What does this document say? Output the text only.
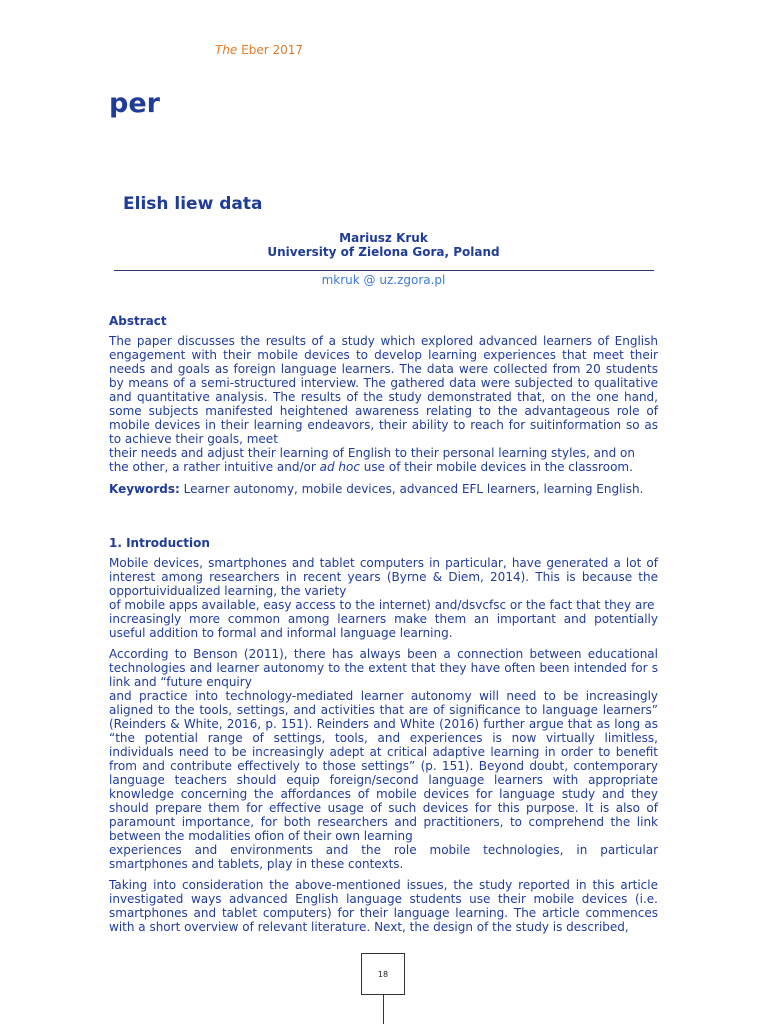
The Eber 2017
per
Elish liew data
Mariusz Kruk
University of Zielona Gora, Poland
mkruk @ uz.zgora.pl
Abstract

The paper discusses the results of a study which explored advanced learners of English engagement with their mobile devices to develop learning experiences that meet their needs and goals as foreign language learners. The data were collected from 20 students by means of a semi-structured interview. The gathered data were subjected to qualitative and quantitative analysis. The results of the study demonstrated that, on the one hand, some subjects manifested heightened awareness relating to the advantageous role of mobile devices in their learning endeavors, their ability to reach for suitinformation so as to achieve their goals, meet

their needs and adjust their learning of English to their personal learning styles, and on
the other, a rather intuitive and/or ad hoc use of their mobile devices in the classroom.
Keywords: Learner autonomy, mobile devices, advanced EFL learners, learning English.
1. Introduction

Mobile devices, smartphones and tablet computers in particular, have generated a lot of interest among researchers in recent years (Byrne & Diem, 2014). This is because the opportuividualized learning, the variety

of mobile apps available, easy access to the internet) and/dsvcfsc or the fact that they are

increasingly more common among learners make them an important and potentially useful addition to formal and informal language learning.

According to Benson (2011), there has always been a connection between educational technologies and learner autonomy to the extent that they have often been intended for s link and “future enquiry

and practice into technology-mediated learner autonomy will need to be increasingly aligned to the tools, settings, and activities that are of significance to language learners” (Reinders & White, 2016, p. 151). Reinders and White (2016) further argue that as long as “the potential range of settings, tools, and experiences is now virtually limitless, individuals need to be increasingly adept at critical adaptive learning in order to benefit from and contribute effectively to those settings” (p. 151). Beyond doubt, contemporary language teachers should equip foreign/second language learners with appropriate knowledge concerning the affordances of mobile devices for language study and they should prepare them for effective usage of such devices for this purpose. It is also of paramount importance, for both researchers and practitioners, to comprehend the link between the modalities ofion of their own learning

experiences and environments and the role mobile technologies, in particular smartphones and tablets, play in these contexts.

Taking into consideration the above-mentioned issues, the study reported in this article investigated ways advanced English language students use their mobile devices (i.e. smartphones and tablet computers) for their language learning. The article commences with a short overview of relevant literature. Next, the design of the study is described,

18
